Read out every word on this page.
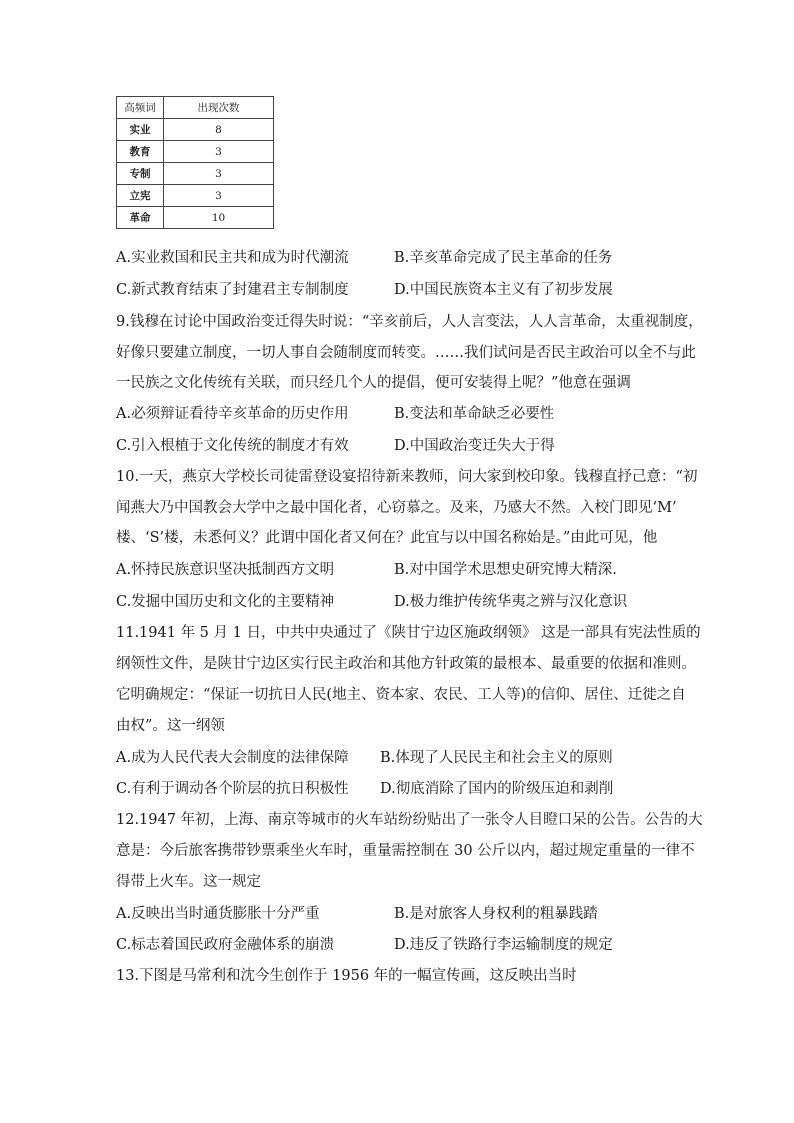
高频词	出现次数
实业	8
教育	3
专制	3
立宪	3
革命	10
A.实业救国和民主共和成为时代潮流	B.辛亥革命完成了民主革命的任务
C.新式教育结束了封建君主专制制度	D.中国民族资本主义有了初步发展
9.钱穆在讨论中国政治变迁得失时说：“辛亥前后，人人言变法，人人言革命，太重视制度，
好像只要建立制度，一切人事自会随制度而转变。……我们试问是否民主政治可以全不与此
一民族之文化传统有关联，而只经几个人的提倡，便可安装得上呢？”他意在强调
A.必须辩证看待辛亥革命的历史作用	B.变法和革命缺乏必要性
C.引入根植于文化传统的制度才有效	D.中国政治变迁失大于得
10.一天，燕京大学校长司徒雷登设宴招待新来教师，问大家到校印象。钱穆直抒己意：“初
闻燕大乃中国教会大学中之最中国化者，心窃慕之。及来，乃感大不然。入校门即见‘M’
楼、‘S’楼，未悉何义？此谓中国化者又何在？此宜与以中国名称始是。”由此可见，他
A.怀持民族意识坚决抵制西方文明	B.对中国学术思想史研究博大精深.
C.发掘中国历史和文化的主要精神	D.极力维护传统华夷之辨与汉化意识
11.1941 年 5 月 1 日，中共中央通过了《陕甘宁边区施政纲领》 这是一部具有宪法性质的
纲领性文件，是陕甘宁边区实行民主政治和其他方针政策的最根本、最重要的依据和准则。
它明确规定：“保证一切抗日人民(地主、资本家、农民、工人等)的信仰、居住、迁徙之自
由权”。这一纲领
A.成为人民代表大会制度的法律保障 B.体现了人民民主和社会主义的原则
C.有利于调动各个阶层的抗日积极性 D.彻底消除了国内的阶级压迫和剥削
12.1947 年初，上海、南京等城市的火车站纷纷贴出了一张令人目瞪口呆的公告。公告的大
意是：今后旅客携带钞票乘坐火车时，重量需控制在 30 公斤以内，超过规定重量的一律不
得带上火车。这一规定
A.反映出当时通货膨胀十分严重	B.是对旅客人身权利的粗暴践踏
C.标志着国民政府金融体系的崩溃	D.违反了铁路行李运输制度的规定
13.下图是马常利和沈今生创作于 1956 年的一幅宣传画，这反映出当时
